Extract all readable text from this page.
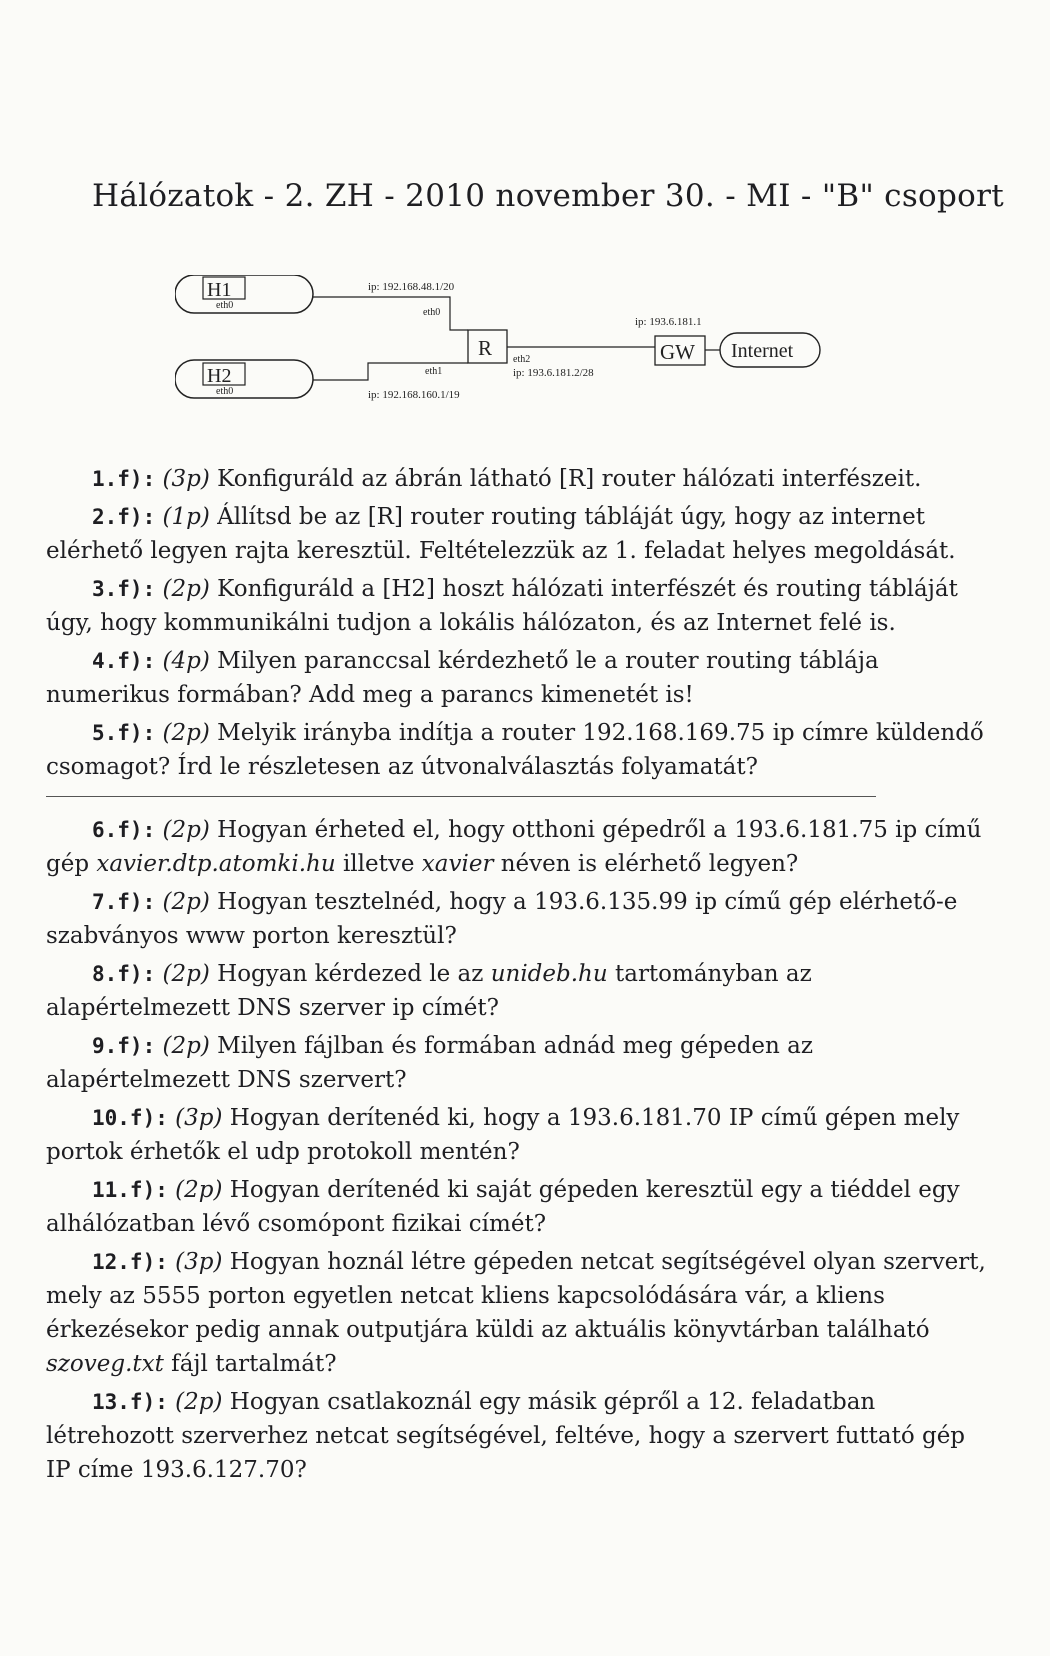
Hálózatok - 2. ZH - 2010 november 30. - MI - "B" csoport
H1
eth0
H2
eth0
R	GW Internet
ip: 192.168.48.1/20
eth0
eth1
ip: 192.168.160.1/19
eth2
ip: 193.6.181.2/28
ip: 193.6.181.1

1.f): (3p) Konfiguráld az ábrán látható [R] router hálózati interfészeit.

2.f): (1p) Állítsd be az [R] router routing tábláját úgy, hogy az internet elérhető legyen rajta keresztül. Feltételezzük az 1. feladat helyes megoldását.

3.f): (2p) Konfiguráld a [H2] hoszt hálózati interfészét és routing tábláját úgy, hogy kommunikálni tudjon a lokális hálózaton, és az Internet felé is.

4.f): (4p) Milyen paranccsal kérdezhető le a router routing táblája numerikus formában? Add meg a parancs kimenetét is!

5.f): (2p) Melyik irányba indítja a router 192.168.169.75 ip címre küldendő csomagot? Írd le részletesen az útvonalválasztás folyamatát?

6.f): (2p) Hogyan érheted el, hogy otthoni gépedről a 193.6.181.75 ip című gép xavier.dtp.atomki.hu illetve xavier néven is elérhető legyen?

7.f): (2p) Hogyan tesztelnéd, hogy a 193.6.135.99 ip című gép elérhető-e szabványos www porton keresztül?

8.f): (2p) Hogyan kérdezed le az unideb.hu tartományban az alapértelmezett DNS szerver ip címét?

9.f): (2p) Milyen fájlban és formában adnád meg gépeden az alapértelmezett DNS szervert?

10.f): (3p) Hogyan derítenéd ki, hogy a 193.6.181.70 IP című gépen mely portok érhetők el udp protokoll mentén?

11.f): (2p) Hogyan derítenéd ki saját gépeden keresztül egy a tiéddel egy alhálózatban lévő csomópont fizikai címét?

12.f): (3p) Hogyan hoznál létre gépeden netcat segítségével olyan szervert, mely az 5555 porton egyetlen netcat kliens kapcsolódására vár, a kliens érkezésekor pedig annak outputjára küldi az aktuális könyvtárban található szoveg.txt fájl tartalmát?

13.f): (2p) Hogyan csatlakoznál egy másik gépről a 12. feladatban létrehozott szerverhez netcat segítségével, feltéve, hogy a szervert futtató gép IP címe 193.6.127.70?
